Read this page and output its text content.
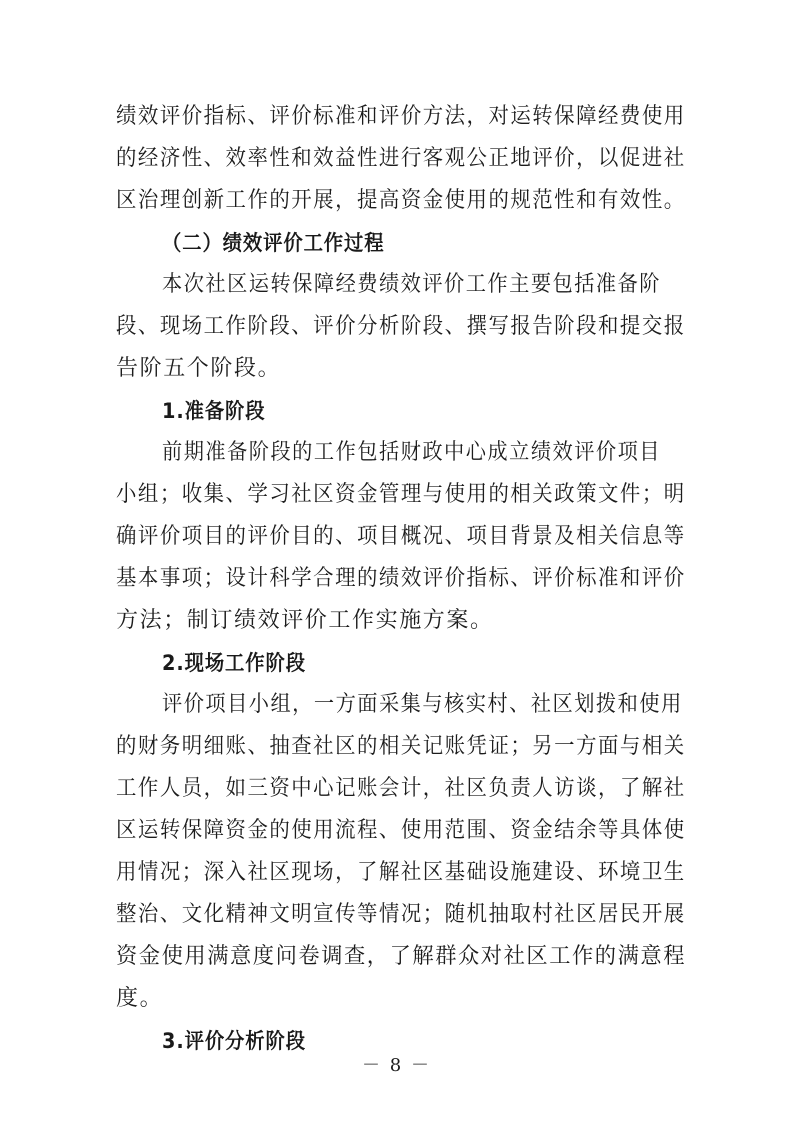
绩效评价指标、评价标准和评价方法，对运转保障经费使用
的经济性、效率性和效益性进行客观公正地评价，以促进社
区治理创新工作的开展，提高资金使用的规范性和有效性。
（二）绩效评价工作过程
本次社区运转保障经费绩效评价工作主要包括准备阶
段、现场工作阶段、评价分析阶段、撰写报告阶段和提交报
告阶五个阶段。
1.准备阶段
前期准备阶段的工作包括财政中心成立绩效评价项目
小组；收集、学习社区资金管理与使用的相关政策文件；明
确评价项目的评价目的、项目概况、项目背景及相关信息等
基本事项；设计科学合理的绩效评价指标、评价标准和评价
方法；制订绩效评价工作实施方案。
2.现场工作阶段
评价项目小组，一方面采集与核实村、社区划拨和使用
的财务明细账、抽查社区的相关记账凭证；另一方面与相关
工作人员，如三资中心记账会计，社区负责人访谈，了解社
区运转保障资金的使用流程、使用范围、资金结余等具体使
用情况；深入社区现场，了解社区基础设施建设、环境卫生
整治、文化精神文明宣传等情况；随机抽取村社区居民开展
资金使用满意度问卷调查，了解群众对社区工作的满意程
度。
3.评价分析阶段
－ 8 －
